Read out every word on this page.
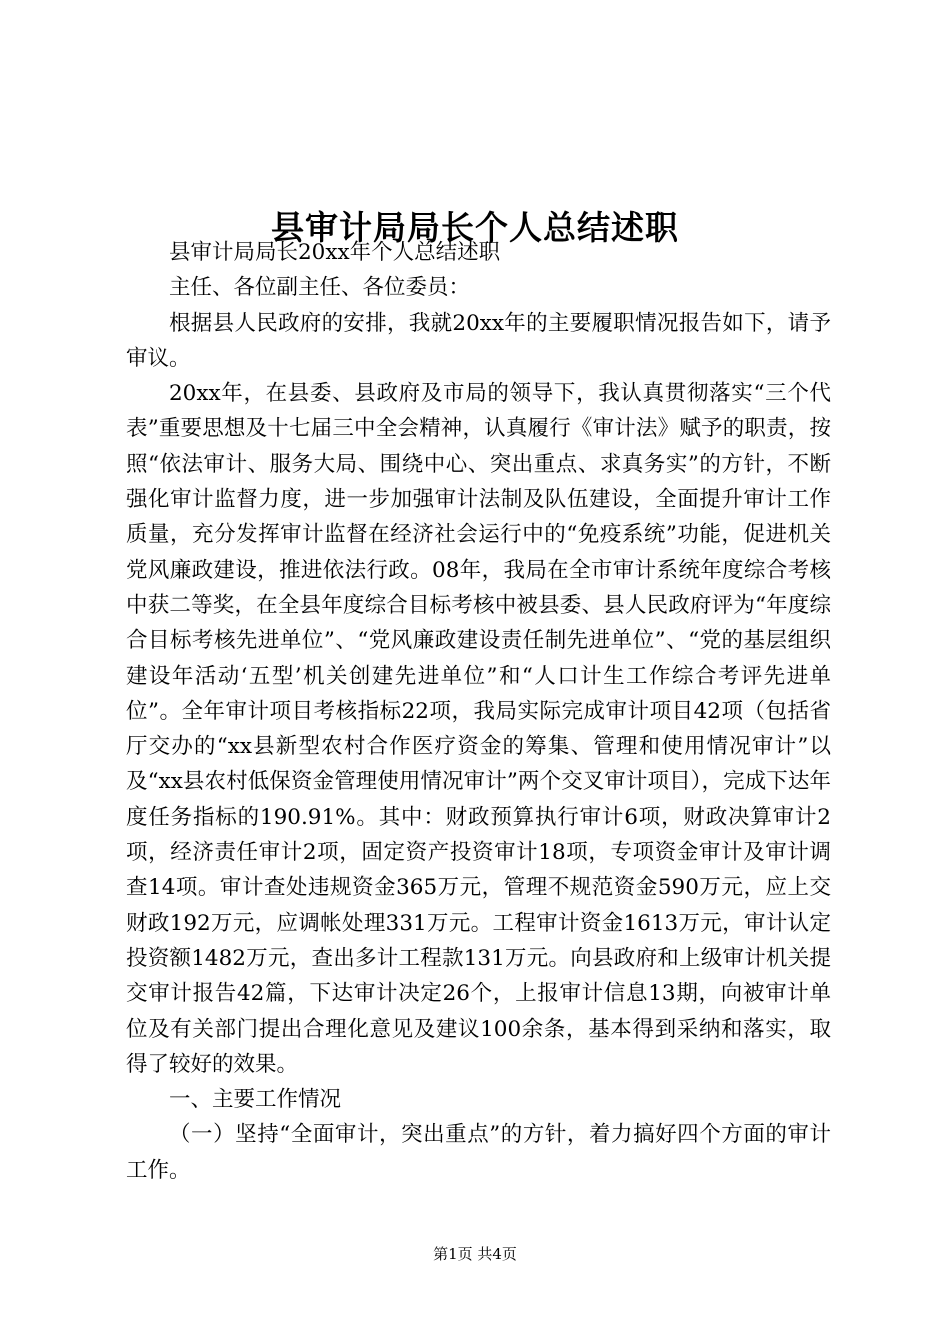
县审计局局长个人总结述职

县审计局局长20xx年个人总结述职

主任、各位副主任、各位委员：

根据县人民政府的安排，我就20xx年的主要履职情况报告如下，请予审议。

20xx年，在县委、县政府及市局的领导下，我认真贯彻落实“三个代表”重要思想及十七届三中全会精神，认真履行《审计法》赋予的职责，按照“依法审计、服务大局、围绕中心、突出重点、求真务实”的方针，不断强化审计监督力度，进一步加强审计法制及队伍建设，全面提升审计工作质量，充分发挥审计监督在经济社会运行中的“免疫系统”功能，促进机关党风廉政建设，推进依法行政。08年，我局在全市审计系统年度综合考核中获二等奖，在全县年度综合目标考核中被县委、县人民政府评为“年度综合目标考核先进单位”、“党风廉政建设责任制先进单位”、“党的基层组织建设年活动‘五型’机关创建先进单位”和“人口计生工作综合考评先进单位”。全年审计项目考核指标22项，我局实际完成审计项目42项（包括省厅交办的“xx县新型农村合作医疗资金的筹集、管理和使用情况审计”以及“xx县农村低保资金管理使用情况审计”两个交叉审计项目），完成下达年度任务指标的190.91%。其中：财政预算执行审计6项，财政决算审计2项，经济责任审计2项，固定资产投资审计18项，专项资金审计及审计调查14项。审计查处违规资金365万元，管理不规范资金590万元，应上交财政192万元，应调帐处理331万元。工程审计资金1613万元，审计认定投资额1482万元，查出多计工程款131万元。向县政府和上级审计机关提交审计报告42篇，下达审计决定26个，上报审计信息13期，向被审计单位及有关部门提出合理化意见及建议100余条，基本得到采纳和落实，取得了较好的效果。

一、主要工作情况

（一）坚持“全面审计，突出重点”的方针，着力搞好四个方面的审计工作。

第1页 共4页
